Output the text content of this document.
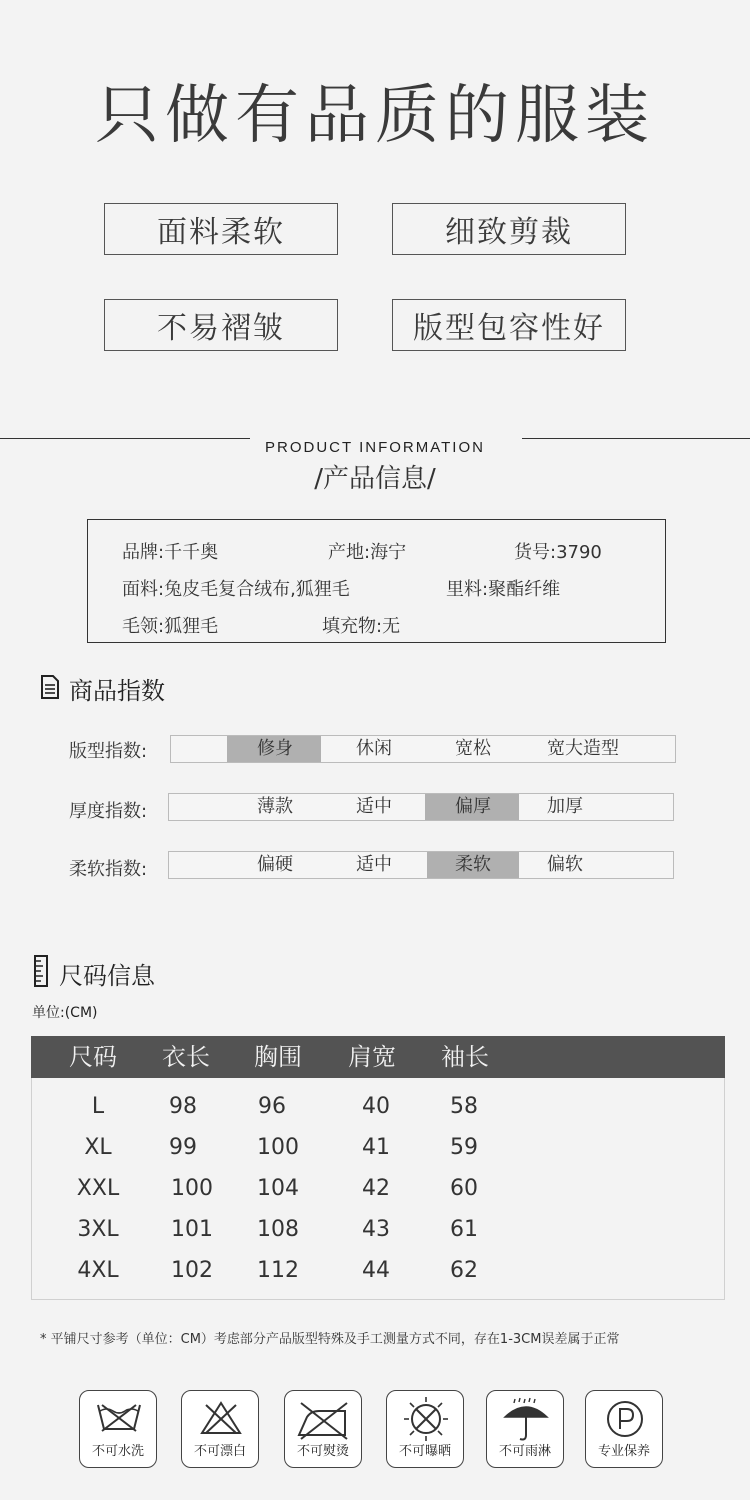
只做有品质的服装
面料柔软	细致剪裁
不易褶皱	版型包容性好
PRODUCT INFORMATION
/产品信息/
品牌:千千奥	产地:海宁	货号:3790
面料:兔皮毛复合绒布,狐狸毛	里料:聚酯纤维
毛领:狐狸毛	填充物:无
商品指数
版型指数:	修身	休闲	宽松	宽大造型
厚度指数:	薄款	适中	偏厚	加厚
柔软指数:	偏硬	适中	柔软	偏软
尺码信息
单位:(CM)
尺码 衣长 胸围 肩宽 袖长
L	98	96	40	58
XL	99	100	41	59
XXL	100	104	42	60
3XL	101	108	43	61
4XL	102	112	44	62
* 平铺尺寸参考（单位：CM）考虑部分产品版型特殊及手工测量方式不同，存在1-3CM误差属于正常
不可水洗	不可漂白	不可熨烫	不可曝晒	不可雨淋	专业保养
